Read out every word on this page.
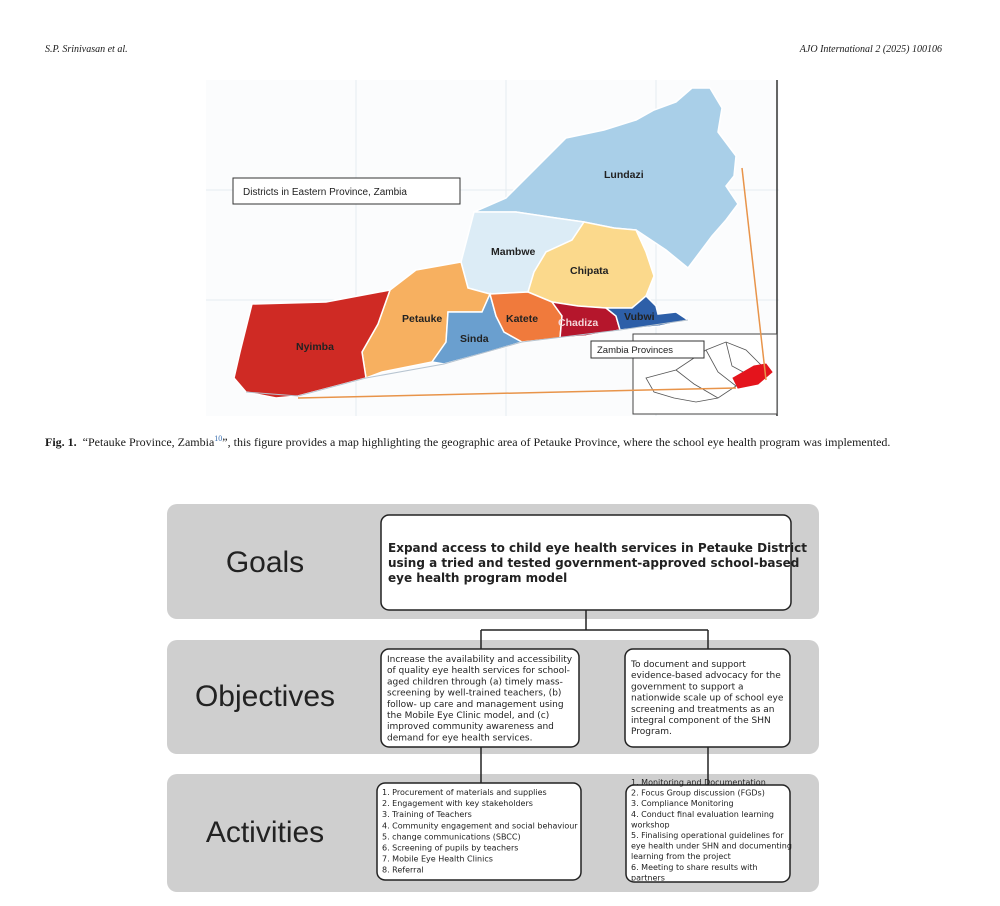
S.P. Srinivasan et al.	AJO International 2 (2025) 100106
Lundazi
Mambwe
Chipata
Petauke	Katete Chadiza Vubwi
Sinda
Nyimba
Districts in Eastern Province, Zambia
Zambia Provinces
Fig. 1. “Petauke Province, Zambia$^{10}$”, this figure provides a map highlighting the geographic area of Petauke Province, where the school eye health program was implemented.
Goals
Objectives
Activities
Expand access to child eye health services in Petauke District
using a tried and tested government-approved school-based
eye health program model
Increase the availability and accessibility
of quality eye health services for school-
aged children through (a) timely mass-
screening by well-trained teachers, (b)
follow- up care and management using
the Mobile Eye Clinic model, and (c)
improved community awareness and
demand for eye health services.
To document and support
evidence-based advocacy for the
government to support a
nationwide scale up of school eye
screening and treatments as an
integral component of the SHN
Program.
1. Procurement of materials and supplies
2. Engagement with key stakeholders
3. Training of Teachers
4. Community engagement and social behaviour
5. change communications (SBCC)
6. Screening of pupils by teachers
7. Mobile Eye Health Clinics
8. Referral
1. Monitoring and Documentation
2. Focus Group discussion (FGDs)
3. Compliance Monitoring
4. Conduct final evaluation learning
workshop
5. Finalising operational guidelines for
eye health under SHN and documenting
learning from the project
6. Meeting to share results with
partners
